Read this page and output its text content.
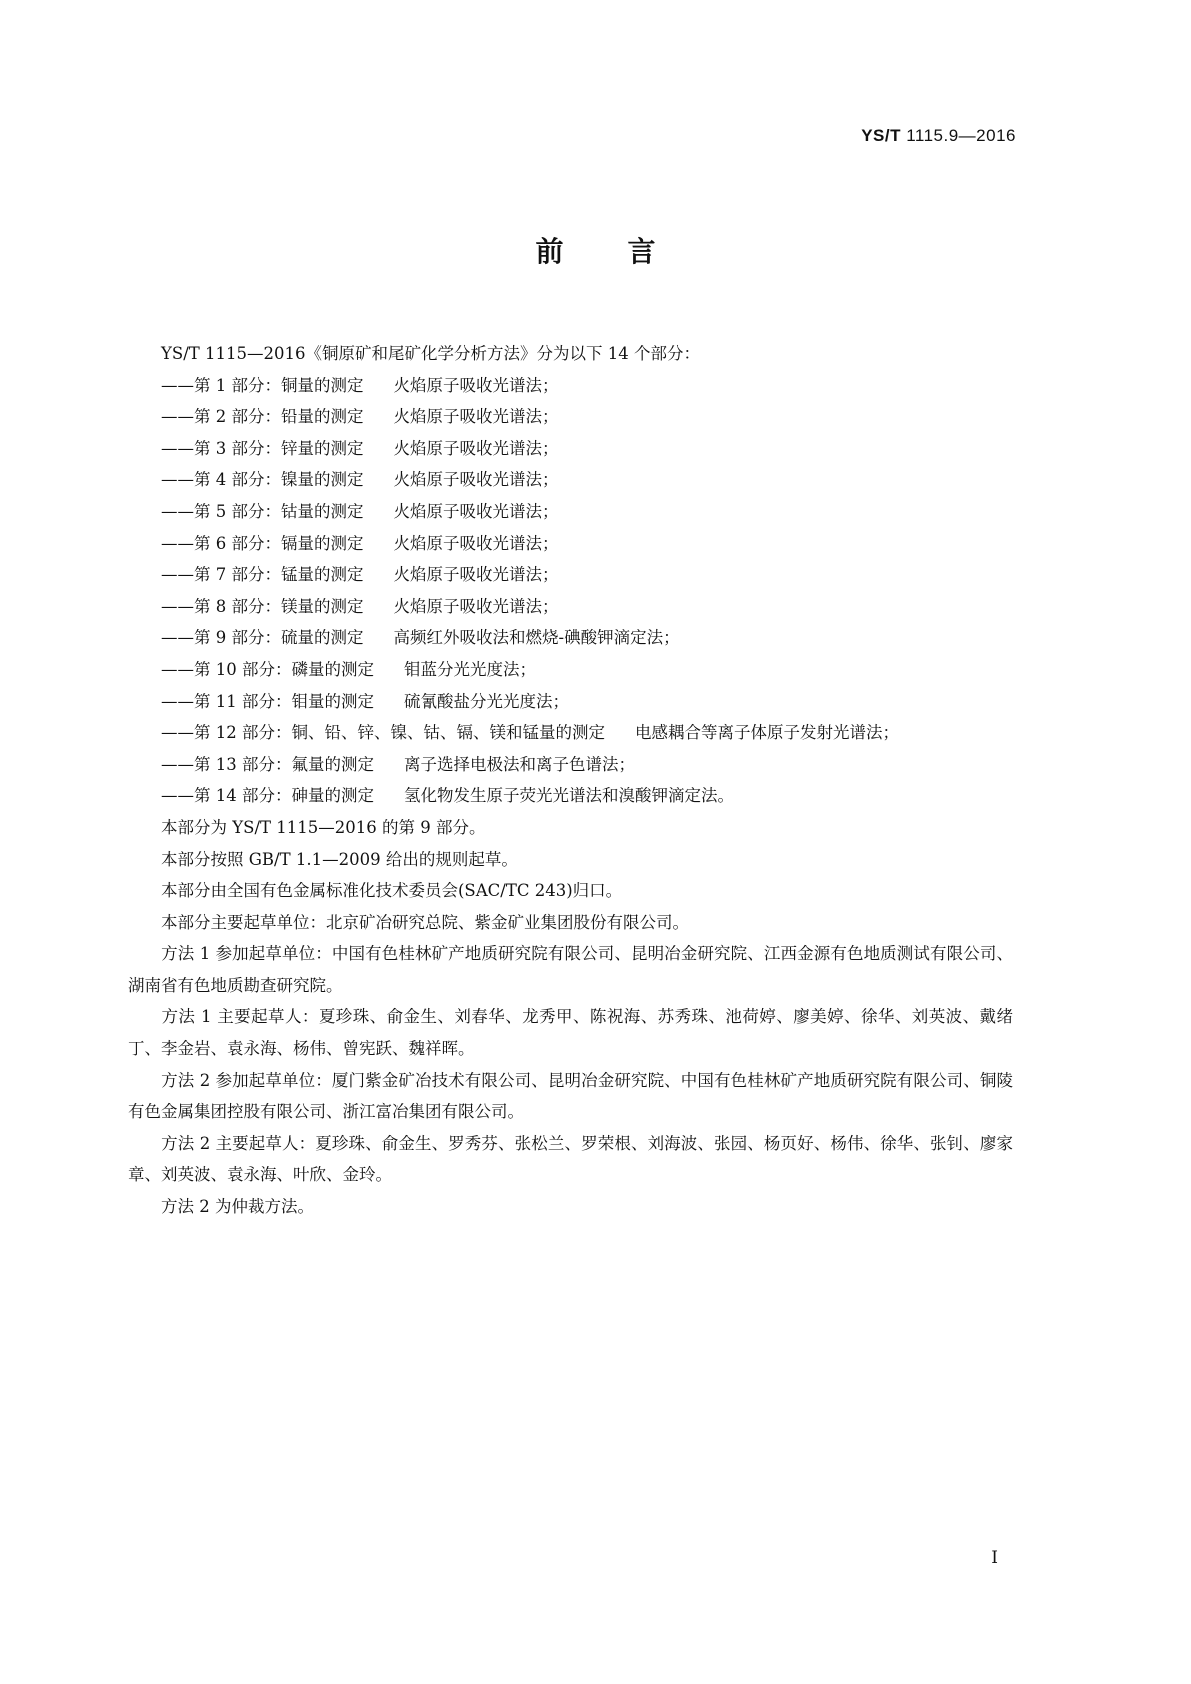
YS/T 1115.9—2016
前言
  YS/T 1115—2016《铜原矿和尾矿化学分析方法》分为以下 14 个部分：
  ——第 1 部分：铜量的测定 火焰原子吸收光谱法；
  ——第 2 部分：铅量的测定 火焰原子吸收光谱法；
  ——第 3 部分：锌量的测定 火焰原子吸收光谱法；
  ——第 4 部分：镍量的测定 火焰原子吸收光谱法；
  ——第 5 部分：钴量的测定 火焰原子吸收光谱法；
  ——第 6 部分：镉量的测定 火焰原子吸收光谱法；
  ——第 7 部分：锰量的测定 火焰原子吸收光谱法；
  ——第 8 部分：镁量的测定 火焰原子吸收光谱法；
  ——第 9 部分：硫量的测定 高频红外吸收法和燃烧-碘酸钾滴定法；
  ——第 10 部分：磷量的测定 钼蓝分光光度法；
  ——第 11 部分：钼量的测定 硫氰酸盐分光光度法；
  ——第 12 部分：铜、铅、锌、镍、钴、镉、镁和锰量的测定 电感耦合等离子体原子发射光谱法；
  ——第 13 部分：氟量的测定 离子选择电极法和离子色谱法；
  ——第 14 部分：砷量的测定 氢化物发生原子荧光光谱法和溴酸钾滴定法。
  本部分为 YS/T 1115—2016 的第 9 部分。
  本部分按照 GB/T 1.1—2009 给出的规则起草。
  本部分由全国有色金属标准化技术委员会(SAC/TC 243)归口。
  本部分主要起草单位：北京矿冶研究总院、紫金矿业集团股份有限公司。
  方法 1 参加起草单位：中国有色桂林矿产地质研究院有限公司、昆明冶金研究院、江西金源有色地质测试有限公司、湖南省有色地质勘查研究院。
  方法 1 主要起草人：夏珍珠、俞金生、刘春华、龙秀甲、陈祝海、苏秀珠、池荷婷、廖美婷、徐华、刘英波、戴绪丁、李金岩、袁永海、杨伟、曾宪跃、魏祥晖。
  方法 2 参加起草单位：厦门紫金矿冶技术有限公司、昆明冶金研究院、中国有色桂林矿产地质研究院有限公司、铜陵有色金属集团控股有限公司、浙江富冶集团有限公司。
  方法 2 主要起草人：夏珍珠、俞金生、罗秀芬、张松兰、罗荣根、刘海波、张园、杨页好、杨伟、徐华、张钊、廖家章、刘英波、袁永海、叶欣、金玲。
  方法 2 为仲裁方法。
I
